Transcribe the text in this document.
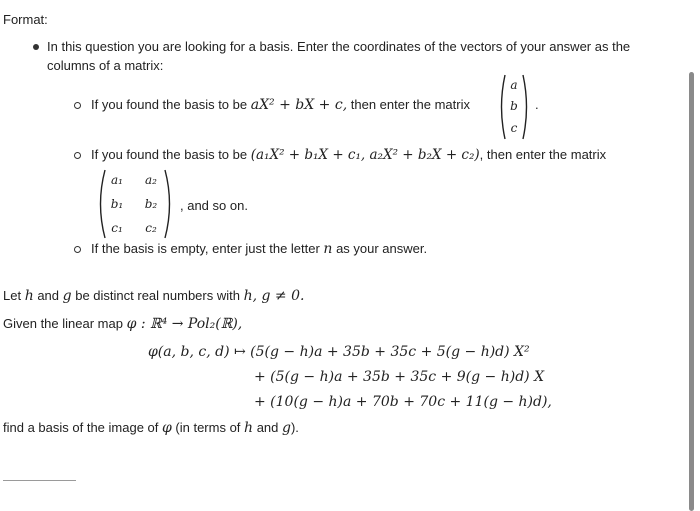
Format:
In this question you are looking for a basis. Enter the coordinates of the vectors of your answer as the
columns of a matrix:
If you found the basis to be aX² + bX + c, then enter the matrix
a
b
c
.
If you found the basis to be (a₁X² + b₁X + c₁, a₂X² + b₂X + c₂), then enter the matrix
a₁	a₂
b₁	b₂
c₁	c₂
, and so on.
If the basis is empty, enter just the letter n as your answer.
Let h and g be distinct real numbers with h, g ≠ 0.
Given the linear map φ : ℝ⁴ → Pol₂(ℝ),
φ(a, b, c, d) ↦ (5(g − h)a + 35b + 35c + 5(g − h)d) X²
+ (5(g − h)a + 35b + 35c + 9(g − h)d) X
+ (10(g − h)a + 70b + 70c + 11(g − h)d),
find a basis of the image of φ (in terms of h and g).
